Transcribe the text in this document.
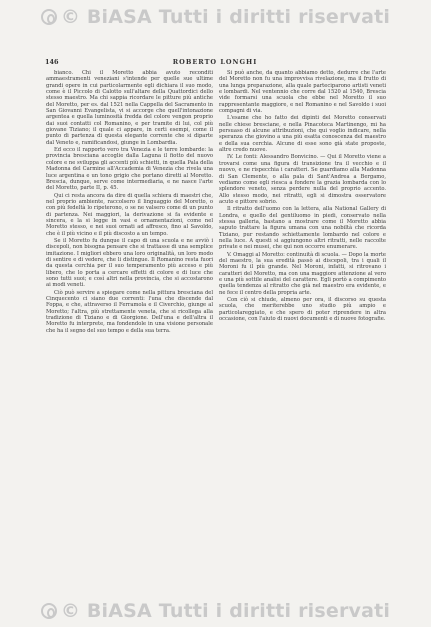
© BiASA Tutti i diritti riservati
146	ROBERTO LONGHI

bianco. Chi il Moretto abbia avuto reconditi ammaestramenti veneziani s'intende per quelle sue ultime grandi opere in cui particolarmente egli dichiara il suo modo, come è il Piccolo di Calotto sull'altare della Quattordici dello stesso maestro. Ma chi sappia ricordare le pitture più antiche del Moretto, per es. dal 1521 nella Cappella del Sacramento in San Giovanni Evangelista, vi si accorge che quell'intonazione argentea e quella luminosità fredda del colore vengon proprio dai suoi contatti col Romanino, e per tramite di lui, col più giovane Tiziano; il quale ci appare, in certi esempi, come il punto di partenza di questa elegante corrente che si diparte dal Veneto e, ramificandosi, giunge in Lombardia.

Ed ecco il rapporto vero tra Venezia e le terre lombarde: la provincia bresciana accoglie dalla Laguna il fiotto del nuovo colore e ne sviluppa gli accenti più schietti, in quella Pala della Madonna del Carmine all'Accademia di Venezia che rivela una luce argentina e un tono grigio che portano diretti al Moretto. Brescia, dunque, serve come intermediaria, e ne nasce l'arte del Moretto, parte II, p. 45.

Qui ci resta ancora da dire di quella schiera di maestri che, nel proprio ambiente, raccolsero il linguaggio del Moretto, o con più fedeltà lo ripeterono, o se ne valsero come di un punto di partenza. Nei maggiori, la derivazione si fa evidente e sincera, e la si legge in vasi e ornamentazioni, come nel Moretto stesso, e nei suoi ornati ad affresco, fino al Savoldo, che è il più vicino e il più discosto a un tempo.

Se il Moretto fu dunque il capo di una scuola e ne avviò i discepoli, non bisogna pensare che si trattasse di una semplice imitazione. I migliori ebbero una loro originalità, un loro modo di sentire e di vedere, che li distingue. Il Romanino resta fuori da questa cerchia per il suo temperamento più acceso e più libero, che lo porta a cercare effetti di colore e di luce che sono tutti suoi; e così altri nella provincia, che si accostarono ai modi veneti.

Ciò può servire a spiegare come nella pittura bresciana del Cinquecento ci siano due correnti: l'una che discende dal Foppa, e che, attraverso il Ferramola e il Civerchio, giunge al Moretto; l'altra, più strettamente veneta, che si ricollega alla tradizione di Tiziano e di Giorgione. Dell'una e dell'altra il Moretto fu interprete, ma fondendole in una visione personale che ha il segno del suo tempo e della sua terra.

Si può anche, da quanto abbiamo detto, dedurre che l'arte del Moretto non fu una improvvisa rivelazione, ma il frutto di una lunga preparazione, alla quale parteciparono artisti veneti e lombardi. Nel ventennio che corre dal 1520 al 1540, Brescia vide formarsi una scuola che ebbe nel Moretto il suo rappresentante maggiore, e nel Romanino e nel Savoldo i suoi compagni di via.

L'esame che ho fatto dei dipinti del Moretto conservati nelle chiese bresciane, e nella Pinacoteca Martinengo, mi ha persuaso di alcune attribuzioni, che qui voglio indicare, nella speranza che giovino a una più esatta conoscenza del maestro e della sua cerchia. Alcune di esse sono già state proposte, altre credo nuove.

IV. Le fonti: Alessandro Bonvicino. — Qui il Moretto viene a trovarsi come una figura di transizione tra il vecchio e il nuovo, e ne rispecchia i caratteri. Se guardiamo alla Madonna di San Clemente, o alla pala di Sant'Andrea a Bergamo, vediamo come egli riesca a fondere la grazia lombarda con lo splendore veneto, senza perdere nulla del proprio accento. Allo stesso modo, nei ritratti, egli si dimostra osservatore acuto e pittore sobrio.

Il ritratto dell'uomo con la lettera, alla National Gallery di Londra, e quello del gentiluomo in piedi, conservato nella stessa galleria, bastano a mostrare come il Moretto abbia saputo trattare la figura umana con una nobiltà che ricorda Tiziano, pur restando schiettamente lombardo nel colore e nella luce. A questi si aggiungono altri ritratti, nelle raccolte private e nei musei, che qui non occorre enumerare.

V. Omaggi al Moretto: continuità di scuola. — Dopo la morte del maestro, la sua eredità passò ai discepoli, tra i quali il Moroni fu il più grande. Nel Moroni, infatti, si ritrovano i caratteri del Moretto, ma con una maggiore attenzione al vero e una più sottile analisi del carattere. Egli portò a compimento quella tendenza al ritratto che già nel maestro era evidente, e ne fece il centro della propria arte.

Con ciò si chiude, almeno per ora, il discorso su questa scuola, che meriterebbe uno studio più ampio e particolareggiato, e che spero di poter riprendere in altra occasione, con l'aiuto di nuovi documenti e di nuove fotografie.

© BiASA Tutti i diritti riservati
